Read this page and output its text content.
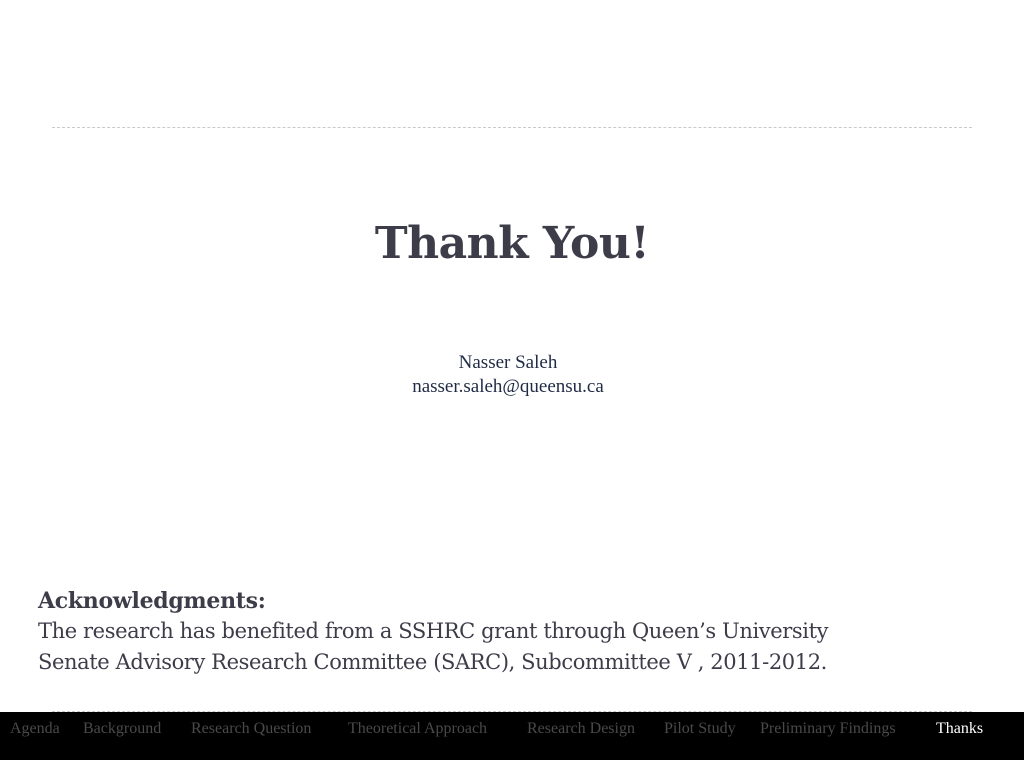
Thank You!
Nasser Saleh
nasser.saleh@queensu.ca
Acknowledgments:
The research has benefited from a SSHRC grant through Queen’s University
Senate Advisory Research Committee (SARC), Subcommittee V , 2011-2012.
Agenda Background Research Question Theoretical Approach Research Design Pilot Study Preliminary Findings	Thanks
